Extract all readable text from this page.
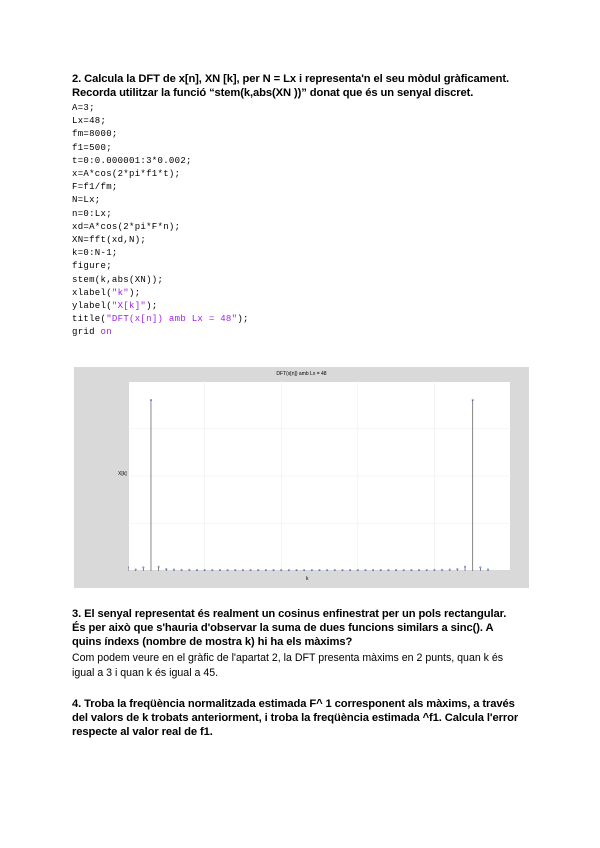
2. Calcula la DFT de x[n], XN [k], per N = Lx i representa'n el seu mòdul gràficament.
Recorda utilitzar la funció “stem(k,abs(XN ))” donat que és un senyal discret.
A=3;
Lx=48;
fm=8000;
f1=500;
t=0:0.000001:3*0.002;
x=A*cos(2*pi*f1*t);
F=f1/fm;
N=Lx;
n=0:Lx;
xd=A*cos(2*pi*F*n);
XN=fft(xd,N);
k=0:N-1;
figure;
stem(k,abs(XN));
xlabel("k");
ylabel("X[k]");
title("DFT(x[n]) amb Lx = 48");
grid on
DFT(x[n]) amb Lx = 48
X[k]
k
3. El senyal representat és realment un cosinus enfinestrat per un pols rectangular.
És per això que s'hauria d'observar la suma de dues funcions similars a sinc(). A
quins índexs (nombre de mostra k) hi ha els màxims?
Com podem veure en el gràfic de l'apartat 2, la DFT presenta màxims en 2 punts, quan k és
igual a 3 i quan k és igual a 45.
4. Troba la freqüència normalitzada estimada F^ 1 corresponent als màxims, a través
del valors de k trobats anteriorment, i troba la freqüència estimada ^f1. Calcula l'error
respecte al valor real de f1.
